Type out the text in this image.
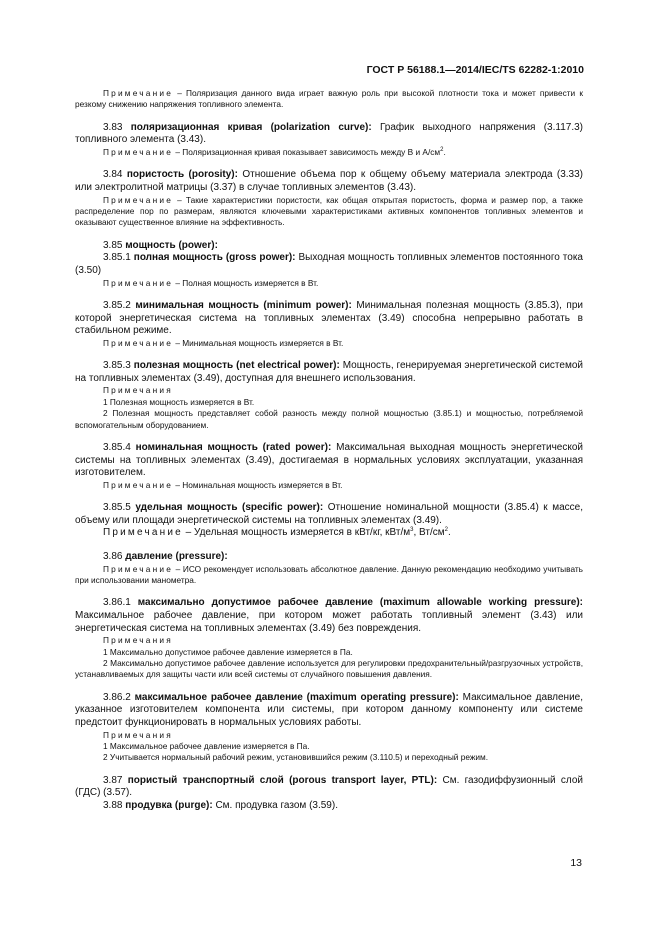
ГОСТ Р 56188.1—2014/IEC/TS 62282-1:2010

Примечание – Поляризация данного вида играет важную роль при высокой плотности тока и может привести к резкому снижению напряжения топливного элемента.

3.83 поляризационная кривая (polarization curve): График выходного напряжения (3.117.3) топливного элемента (3.43).

Примечание – Поляризационная кривая показывает зависимость между В и $А/см^2$.

3.84 пористость (porosity): Отношение объема пор к общему объему материала электрода (3.33) или электролитной матрицы (3.37) в случае топливных элементов (3.43).

Примечание – Такие характеристики пористости, как общая открытая пористость, форма и размер пор, а также распределение пор по размерам, являются ключевыми характеристиками активных компонентов топливных элементов и оказывают существенное влияние на эффективность.

3.85 мощность (power):

3.85.1 полная мощность (gross power): Выходная мощность топливных элементов постоянного тока (3.50)

Примечание – Полная мощность измеряется в Вт.

3.85.2 минимальная мощность (minimum power): Минимальная полезная мощность (3.85.3), при которой энергетическая система на топливных элементах (3.49) способна непрерывно работать в стабильном режиме.

Примечание – Минимальная мощность измеряется в Вт.

3.85.3 полезная мощность (net electrical power): Мощность, генерируемая энергетической системой на топливных элементах (3.49), доступная для внешнего использования.

Примечания

1 Полезная мощность измеряется в Вт.

2 Полезная мощность представляет собой разность между полной мощностью (3.85.1) и мощностью, потребляемой вспомогательным оборудованием.

3.85.4 номинальная мощность (rated power): Максимальная выходная мощность энергетической системы на топливных элементах (3.49), достигаемая в нормальных условиях эксплуатации, указанная изготовителем.

Примечание – Номинальная мощность измеряется в Вт.

3.85.5 удельная мощность (specific power): Отношение номинальной мощности (3.85.4) к массе, объему или площади энергетической системы на топливных элементах (3.49).

Примечание – Удельная мощность измеряется в кВт/кг, кВт/$м^3$, $Вт/см^2$.

3.86 давление (pressure):

Примечание – ИСО рекомендует использовать абсолютное давление. Данную рекомендацию необходимо учитывать при использовании манометра.

3.86.1 максимально допустимое рабочее давление (maximum allowable working pressure): Максимальное рабочее давление, при котором может работать топливный элемент (3.43) или энергетическая система на топливных элементах (3.49) без повреждения.

Примечания

1 Максимально допустимое рабочее давление измеряется в Па.

2 Максимально допустимое рабочее давление используется для регулировки предохранительный/разгрузочных устройств, устанавливаемых для защиты части или всей системы от случайного повышения давления.

3.86.2 максимальное рабочее давление (maximum operating pressure): Максимальное давление, указанное изготовителем компонента или системы, при котором данному компоненту или системе предстоит функционировать в нормальных условиях работы.

Примечания

1 Максимальное рабочее давление измеряется в Па.

2 Учитывается нормальный рабочий режим, установившийся режим (3.110.5) и переходный режим.

3.87 пористый транспортный слой (porous transport layer, PTL): См. газодиффузионный слой (ГДС) (3.57).

3.88 продувка (purge): См. продувка газом (3.59).

13
